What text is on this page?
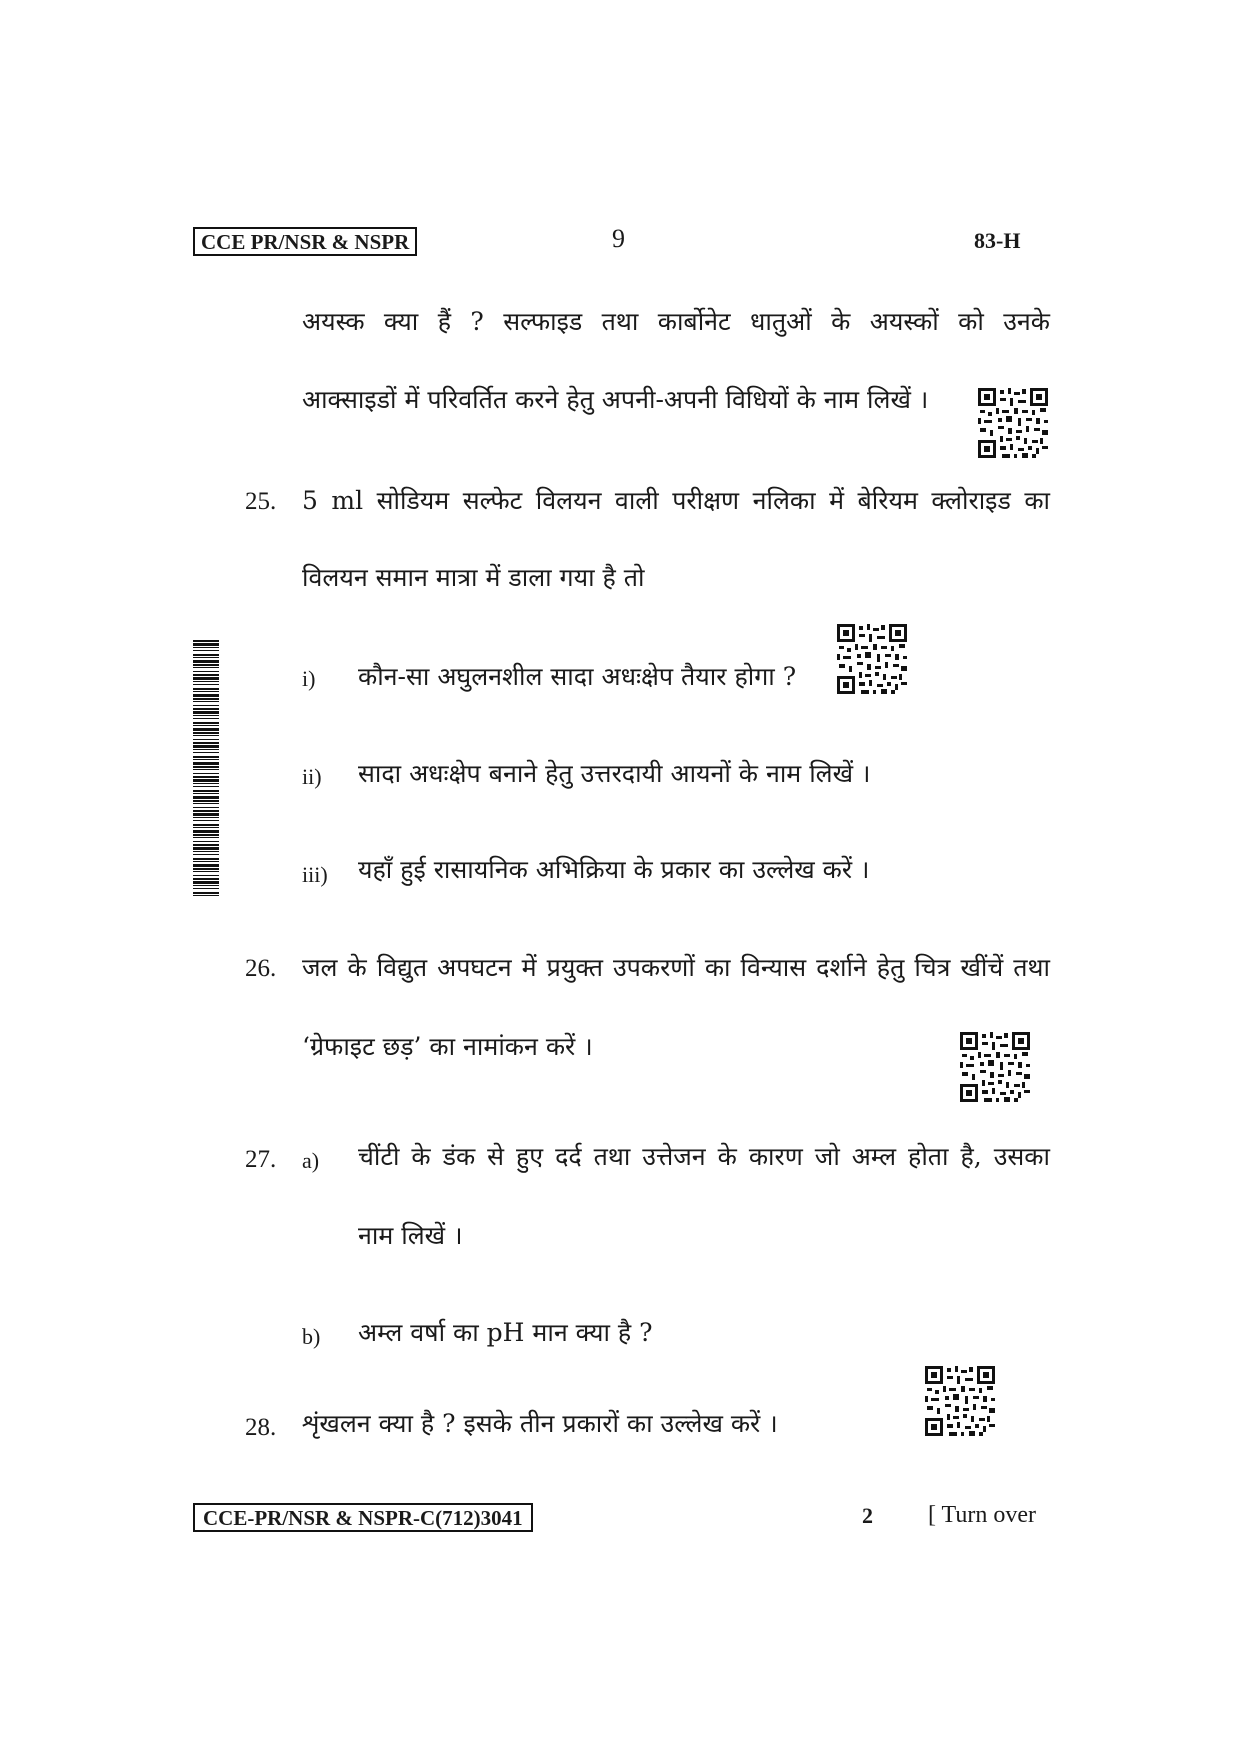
CCE PR/NSR & NSPR	9	83-H
अयस्क क्या हैं ? सल्फाइड तथा कार्बोनेट धातुओं के अयस्कों को उनके
आक्साइडों में परिवर्तित करने हेतु अपनी-अपनी विधियों के नाम लिखें ।
25. 5 ml सोडियम सल्फेट विलयन वाली परीक्षण नलिका में बेरियम क्लोराइड का
विलयन समान मात्रा में डाला गया है तो
i) कौन-सा अघुलनशील सादा अधःक्षेप तैयार होगा ?
ii) सादा अधःक्षेप बनाने हेतु उत्तरदायी आयनों के नाम लिखें ।
iii) यहाँ हुई रासायनिक अभिक्रिया के प्रकार का उल्लेख करें ।
26. जल के विद्युत अपघटन में प्रयुक्त उपकरणों का विन्यास दर्शाने हेतु चित्र खींचें तथा
‘ग्रेफाइट छड़’ का नामांकन करें ।
27. a) चींटी के डंक से हुए दर्द तथा उत्तेजन के कारण जो अम्ल होता है, उसका
नाम लिखें ।
b) अम्ल वर्षा का pH मान क्या है ?
28. शृंखलन क्या है ? इसके तीन प्रकारों का उल्लेख करें ।
CCE-PR/NSR & NSPR-C(712)3041	2 [ Turn over
